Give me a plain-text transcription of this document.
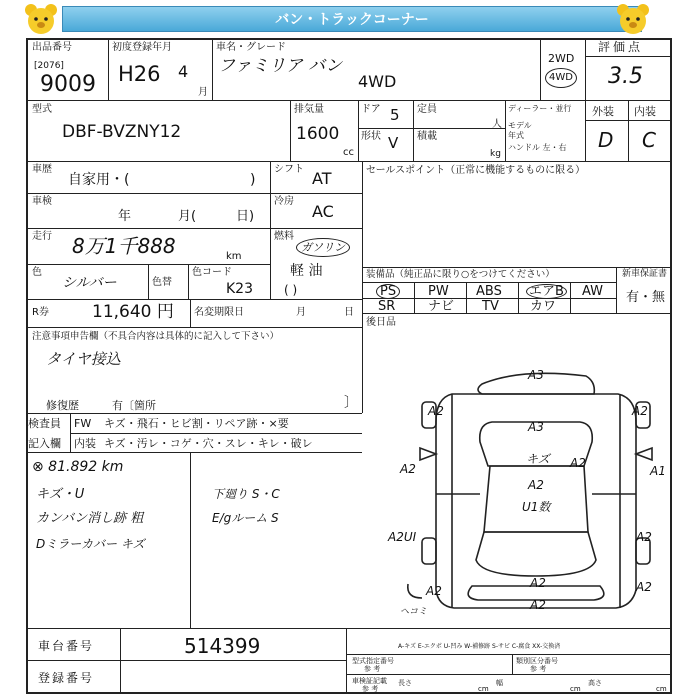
バン・トラックコーナー
出品番号
[2076]
9009
初度登録年月
H26 4
月
車名・グレード
ファミリア バン
4WD
2WD
4WD
評価点
3.5
型式
DBF-BVZNY12
排気量
1600
cc
ドア 5
形状 V
定員
人
積載
kg
ディーラー・並行
モデル
年式
ハンドル 左・右
外装 内装
D C
車歴
自家用・(	)
シフト AT
車検
年	月(	日)
冷房
AC
走行 8万1千888	km
燃料
ガソリン
軽 油
( )
色
シルバー	色替
色コード
K23
R券	11,640 円 名変期限日	月	日
注意事項申告欄（不具合内容は具体的に記入して下さい）
タイヤ接込
修復歴	有〔箇所	〕
セールスポイント（正常に機能するものに限る）
装備品（純正品に限り○をつけてください）	新車保証書
有・無
PS	PW ABS エアB AW
SR	ナビ TV カワ
後日品
検査員
記入欄
FW キズ・飛石・ヒビ割・リペア跡・×要
内装 キズ・汚レ・コゲ・穴・スレ・キレ・破レ
⊗ 81.892 km
キズ・U
カンバン消し跡 粗
Dミラーカバー キズ
下廻り S・C
E/gルーム S
A3
A2	A2
A3
キズ A2
A1
A2
A2
U1数
A2UI	A2
A2
A2	A2
A2
ヘコミ
車台番号	514399
登録番号
A-キズ E-エクボ U-凹み W-補修跡 S-サビ C-腐食 XX-交換済
型式指定番号	類別区分番号
参 考	参 考
車検証記載
参 考
長さ
cm
幅
cm
高さ
cm
